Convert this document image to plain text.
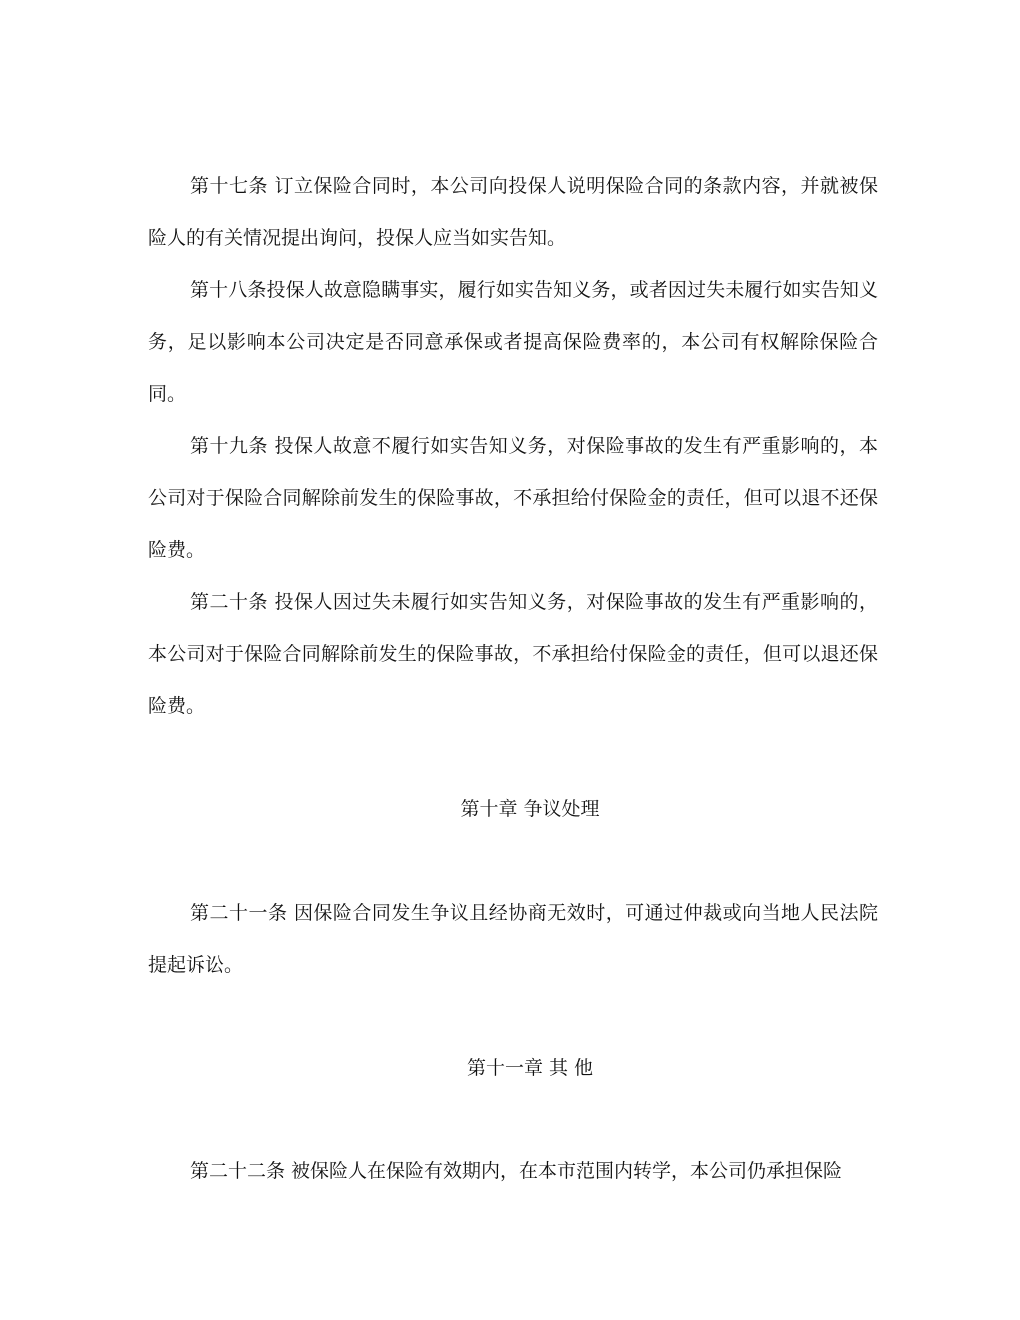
第十七条 订立保险合同时，本公司向投保人说明保险合同的条款内容，并就被保险人的有关情况提出询问，投保人应当如实告知。

第十八条投保人故意隐瞒事实，履行如实告知义务，或者因过失未履行如实告知义务，足以影响本公司决定是否同意承保或者提高保险费率的，本公司有权解除保险合同。

第十九条 投保人故意不履行如实告知义务，对保险事故的发生有严重影响的，本公司对于保险合同解除前发生的保险事故，不承担给付保险金的责任，但可以退不还保险费。

第二十条 投保人因过失未履行如实告知义务，对保险事故的发生有严重影响的，本公司对于保险合同解除前发生的保险事故，不承担给付保险金的责任，但可以退还保险费。

第十章 争议处理

第二十一条 因保险合同发生争议且经协商无效时，可通过仲裁或向当地人民法院提起诉讼。

第十一章 其 他

第二十二条 被保险人在保险有效期内，在本市范围内转学，本公司仍承担保险
